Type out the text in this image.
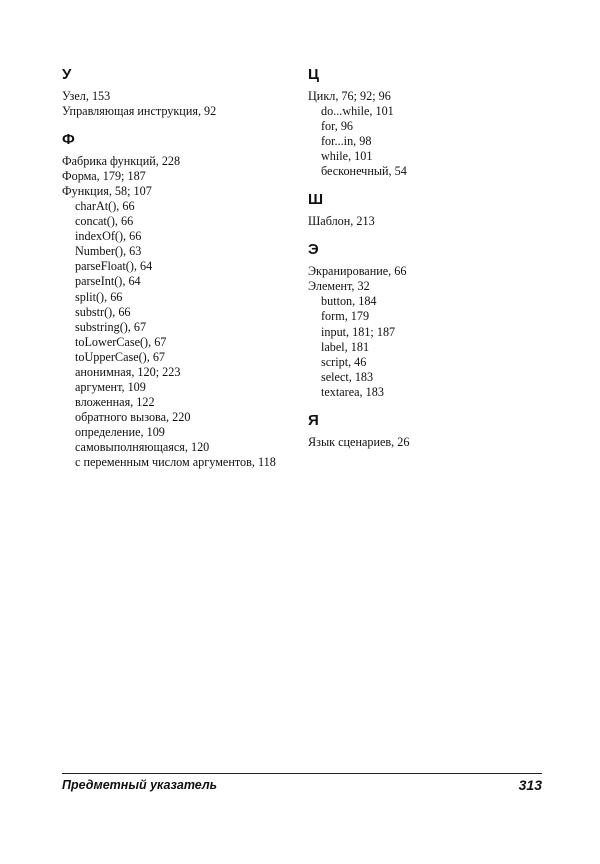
У
Узел, 153
Управляющая инструкция, 92
Ф
Фабрика функций, 228
Форма, 179; 187
Функция, 58; 107
charAt(), 66
concat(), 66
indexOf(), 66
Number(), 63
parseFloat(), 64
parseInt(), 64
split(), 66
substr(), 66
substring(), 67
toLowerCase(), 67
toUpperCase(), 67
анонимная, 120; 223
аргумент, 109
вложенная, 122
обратного вызова, 220
определение, 109
самовыполняющаяся, 120
с переменным числом аргументов, 118
Ц
Цикл, 76; 92; 96
do...while, 101
for, 96
for...in, 98
while, 101
бесконечный, 54
Ш
Шаблон, 213
Э
Экранирование, 66
Элемент, 32
button, 184
form, 179
input, 181; 187
label, 181
script, 46
select, 183
textarea, 183
Я
Язык сценариев, 26
Предметный указатель	313
